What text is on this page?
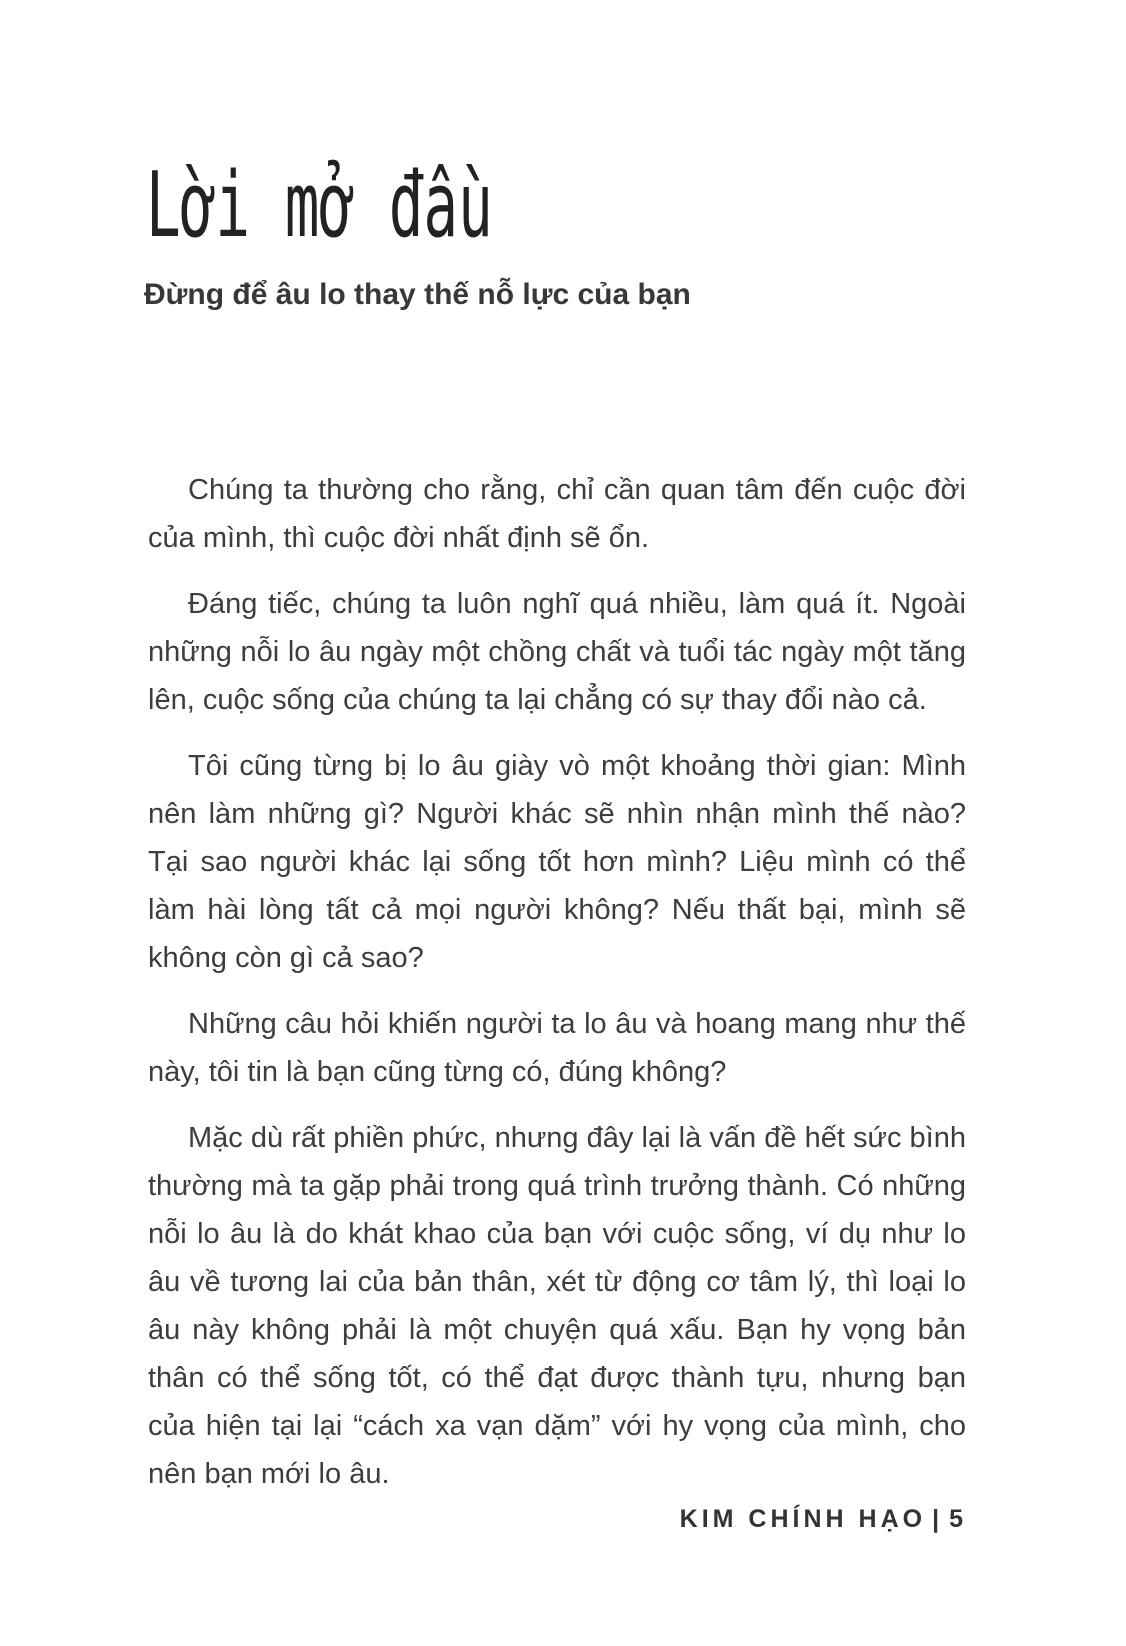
Lời mở đầu
Đừng để âu lo thay thế nỗ lực của bạn

Chúng ta thường cho rằng, chỉ cần quan tâm đến cuộc đời của mình, thì cuộc đời nhất định sẽ ổn.

Đáng tiếc, chúng ta luôn nghĩ quá nhiều, làm quá ít. Ngoài những nỗi lo âu ngày một chồng chất và tuổi tác ngày một tăng lên, cuộc sống của chúng ta lại chẳng có sự thay đổi nào cả.

Tôi cũng từng bị lo âu giày vò một khoảng thời gian: Mình nên làm những gì? Người khác sẽ nhìn nhận mình thế nào? Tại sao người khác lại sống tốt hơn mình? Liệu mình có thể làm hài lòng tất cả mọi người không? Nếu thất bại, mình sẽ không còn gì cả sao?

Những câu hỏi khiến người ta lo âu và hoang mang như thế này, tôi tin là bạn cũng từng có, đúng không?

Mặc dù rất phiền phức, nhưng đây lại là vấn đề hết sức bình thường mà ta gặp phải trong quá trình trưởng thành. Có những nỗi lo âu là do khát khao của bạn với cuộc sống, ví dụ như lo âu về tương lai của bản thân, xét từ động cơ tâm lý, thì loại lo âu này không phải là một chuyện quá xấu. Bạn hy vọng bản thân có thể sống tốt, có thể đạt được thành tựu, nhưng bạn của hiện tại lại “cách xa vạn dặm” với hy vọng của mình, cho nên bạn mới lo âu.

KIM CHÍNH HẠO | 5
